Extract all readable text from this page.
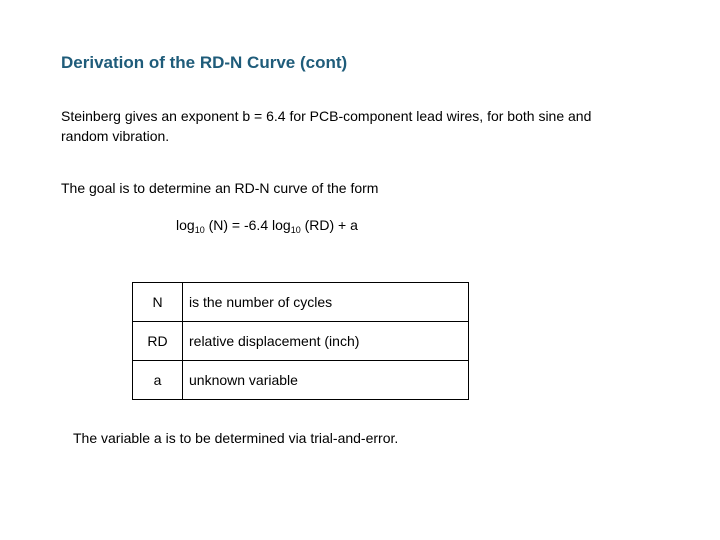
Derivation of the RD-N Curve (cont)
Steinberg gives an exponent b = 6.4 for PCB-component lead wires, for both sine and random vibration.
The goal is to determine an RD-N curve of the form
$\log_{10} (N) = -6.4$ $\log_{10} (RD) + a$
N	is the number of cycles
RD	relative displacement (inch)
a	unknown variable
The variable a is to be determined via trial-and-error.
